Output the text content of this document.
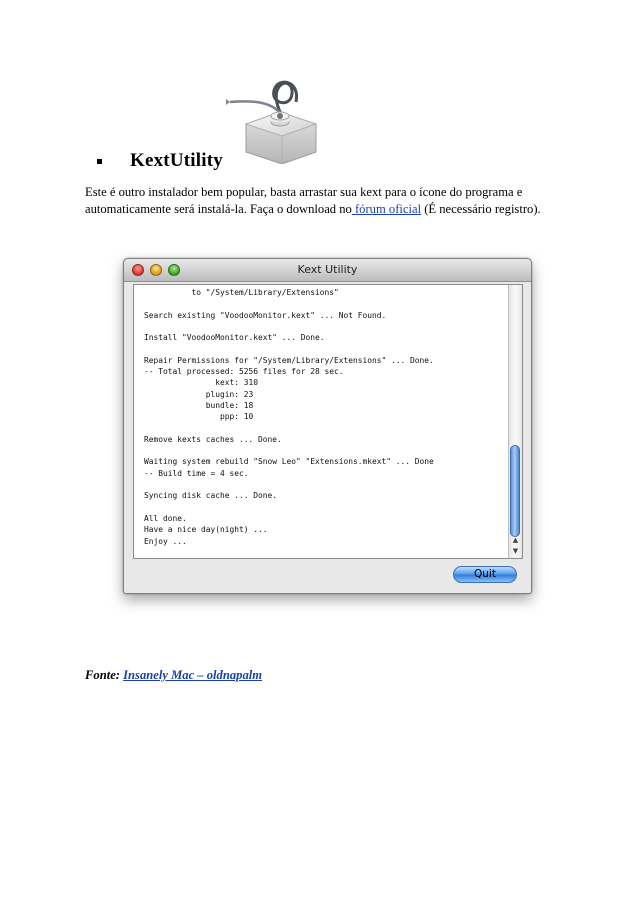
KextUtility
Este é outro instalador bem popular, basta arrastar sua kext para o ícone do programa e automaticamente será instalá-la. Faça o download no fórum oficial (É necessário registro).
Kext Utility
to "/System/Library/Extensions"

Search existing "VoodooMonitor.kext" ... Not Found.

Install "VoodooMonitor.kext" ... Done.

Repair Permissions for "/System/Library/Extensions" ... Done.
-- Total processed: 5256 files for 28 sec.
kext: 310
plugin: 23
bundle: 18
ppp: 10

Remove kexts caches ... Done.

Waiting system rebuild "Snow Leo" "Extensions.mkext" ... Done
-- Build time = 4 sec.

Syncing disk cache ... Done.

All done.
Have a nice day(night) ...
Enjoy ...	▲
▼
Quit
Fonte: Insanely Mac – oldnapalm
